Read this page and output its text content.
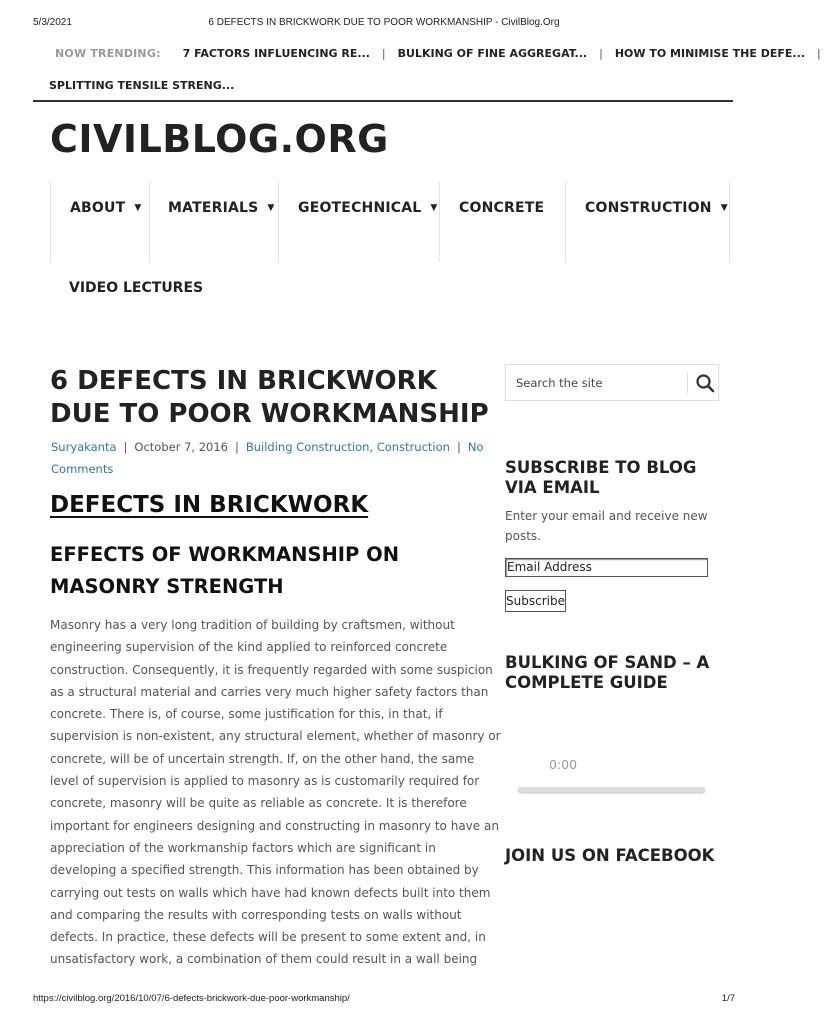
5/3/2021	6 DEFECTS IN BRICKWORK DUE TO POOR WORKMANSHIP - CivilBlog.Org
NOW TRENDING: 7 FACTORS INFLUENCING RE... | BULKING OF FINE AGGREGAT... | HOW TO MINIMISE THE DEFE... |
SPLITTING TENSILE STRENG...
CIVILBLOG.ORG
ABOUT ▼ MATERIALS ▼ GEOTECHNICAL ▼ CONCRETE	CONSTRUCTION ▼
VIDEO LECTURES
6 DEFECTS IN BRICKWORK DUE TO POOR WORKMANSHIP
Suryakanta | October 7, 2016 | Building Construction, Construction | No
Comments
DEFECTS IN BRICKWORK
EFFECTS OF WORKMANSHIP ON MASONRY STRENGTH
Masonry has a very long tradition of building by craftsmen, without
engineering supervision of the kind applied to reinforced concrete
construction. Consequently, it is frequently regarded with some suspicion
as a structural material and carries very much higher safety factors than
concrete. There is, of course, some justification for this, in that, if
supervision is non-existent, any structural element, whether of masonry or
concrete, will be of uncertain strength. If, on the other hand, the same
level of supervision is applied to masonry as is customarily required for
concrete, masonry will be quite as reliable as concrete. It is therefore
important for engineers designing and constructing in masonry to have an
appreciation of the workmanship factors which are significant in
developing a specified strength. This information has been obtained by
carrying out tests on walls which have had known defects built into them
and comparing the results with corresponding tests on walls without
defects. In practice, these defects will be present to some extent and, in
unsatisfactory work, a combination of them could result in a wall being
Search the site
SUBSCRIBE TO BLOG VIA EMAIL

Enter your email and receive new posts.

Email Address
Subscribe
BULKING OF SAND – A COMPLETE GUIDE
0:00
JOIN US ON FACEBOOK
https://civilblog.org/2016/10/07/6-defects-brickwork-due-poor-workmanship/	1/7
